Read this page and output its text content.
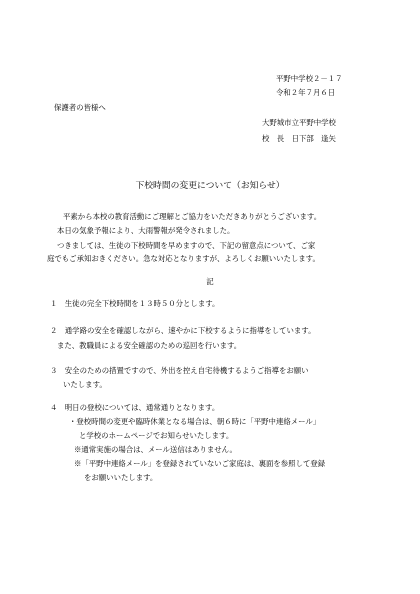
平野中学校２－１７
令和２年７月６日
保護者の皆様へ
大野城市立平野中学校
校　長　日下部　逢矢
下校時間の変更について（お知らせ）
平素から本校の教育活動にご理解とご協力をいただきありがとうございます。
本日の気象予報により、大雨警報が発令されました。
つきましては、生徒の下校時間を早めますので、下記の留意点について、ご家
庭でもご承知おきください。急な対応となりますが、よろしくお願いいたします。
記
１　生徒の完全下校時間を１３時５０分とします。
２　通学路の安全を確認しながら、速やかに下校するように指導をしています。
また、教職員による安全確認のための巡回を行います。
３　安全のための措置ですので、外出を控え自宅待機するようご指導をお願い
いたします。
４　明日の登校については、通常通りとなります。
・登校時間の変更や臨時休業となる場合は、朝６時に「平野中連絡メール」
と学校のホームページでお知らせいたします。
※通常実施の場合は、メール送信はありません。
※「平野中連絡メール」を登録されていないご家庭は、裏面を参照して登録
をお願いいたします。
